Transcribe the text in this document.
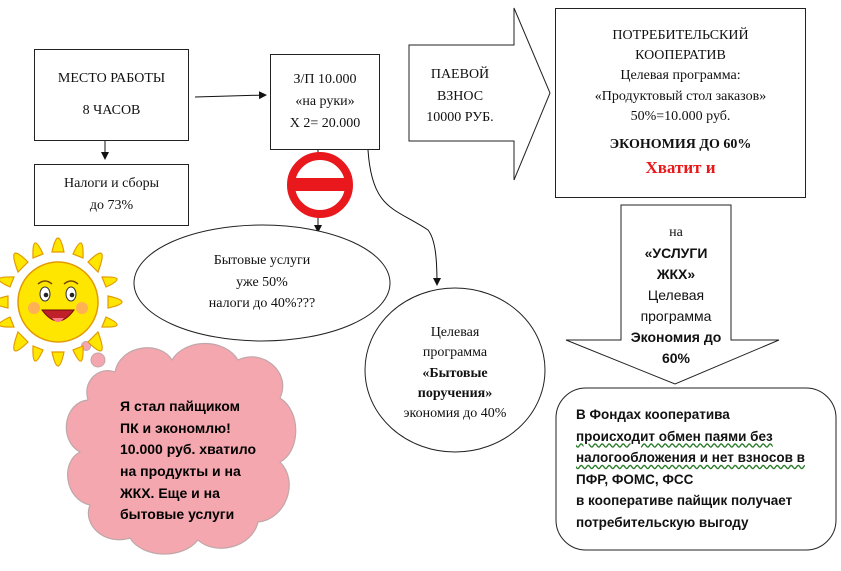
МЕСТО РАБОТЫ
8 ЧАСОВ
Налоги и сборы
до 73%
З/П 10.000
«на руки»
Х 2= 20.000
ПАЕВОЙ
ВЗНОС
10000 РУБ.
ПОТРЕБИТЕЛЬСКИЙ
КООПЕРАТИВ
Целевая программа:
«Продуктовый стол заказов»
50%=10.000 руб.
ЭКОНОМИЯ ДО 60%
Хватит и
на
«УСЛУГИ
ЖКХ»
Целевая
программа
Экономия до
60%
Бытовые услуги
уже 50%
налоги до 40%???
Целевая
программа
«Бытовые
поручения»
экономия до 40%	В Фондах кооператива
происходит обмен паями без
налогообложения и нет взносов в
ПФР, ФОМС, ФСС
в кооперативе пайщик получает
потребительскую выгоду
Я стал пайщиком
ПК и экономлю!
10.000 руб. хватило
на продукты и на
ЖКХ. Еще и на
бытовые услуги
